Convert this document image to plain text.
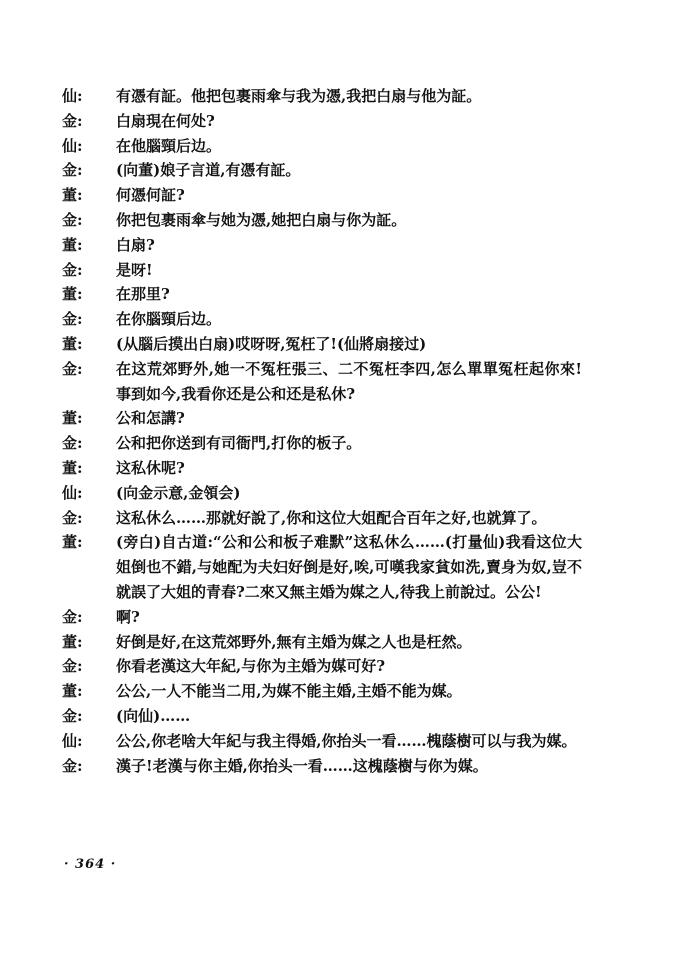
仙:	有憑有証。他把包裹雨傘与我为憑,我把白扇与他为証。
金:	白扇現在何处?
仙:	在他腦頸后边。
金:	(向董)娘子言道,有憑有証。
董:	何憑何証?
金:	你把包裹雨傘与她为憑,她把白扇与你为証。
董:	白扇?
金:	是呀!
董:	在那里?
金:	在你腦頸后边。
董:	(从腦后摸出白扇)哎呀呀,冤枉了!(仙將扇接过)
金:	在这荒郊野外,她一不冤枉張三、二不冤枉李四,怎么單單冤枉起你來!事到如今,我看你还是公和还是私休?
董:	公和怎講?
金:	公和把你送到有司衙門,打你的板子。
董:	这私休呢?
仙:	(向金示意,金領会)
金:	这私休么……那就好說了,你和这位大姐配合百年之好,也就算了。
董:	(旁白)自古道:“公和公和板子难默”这私休么……(打量仙)我看这位大姐倒也不錯,与她配为夫妇好倒是好,唉,可嘆我家貧如洗,賣身为奴,豈不就誤了大姐的青春?二來又無主婚为媒之人,待我上前說过。公公!
金:	啊?
董:	好倒是好,在这荒郊野外,無有主婚为媒之人也是枉然。
金:	你看老漢这大年紀,与你为主婚为媒可好?
董:	公公,一人不能当二用,为媒不能主婚,主婚不能为媒。
金:	(向仙)……
仙:	公公,你老啥大年紀与我主得婚,你抬头一看……槐蔭樹可以与我为媒。
金:	漢子!老漢与你主婚,你抬头一看……这槐蔭樹与你为媒。
· 364 ·
